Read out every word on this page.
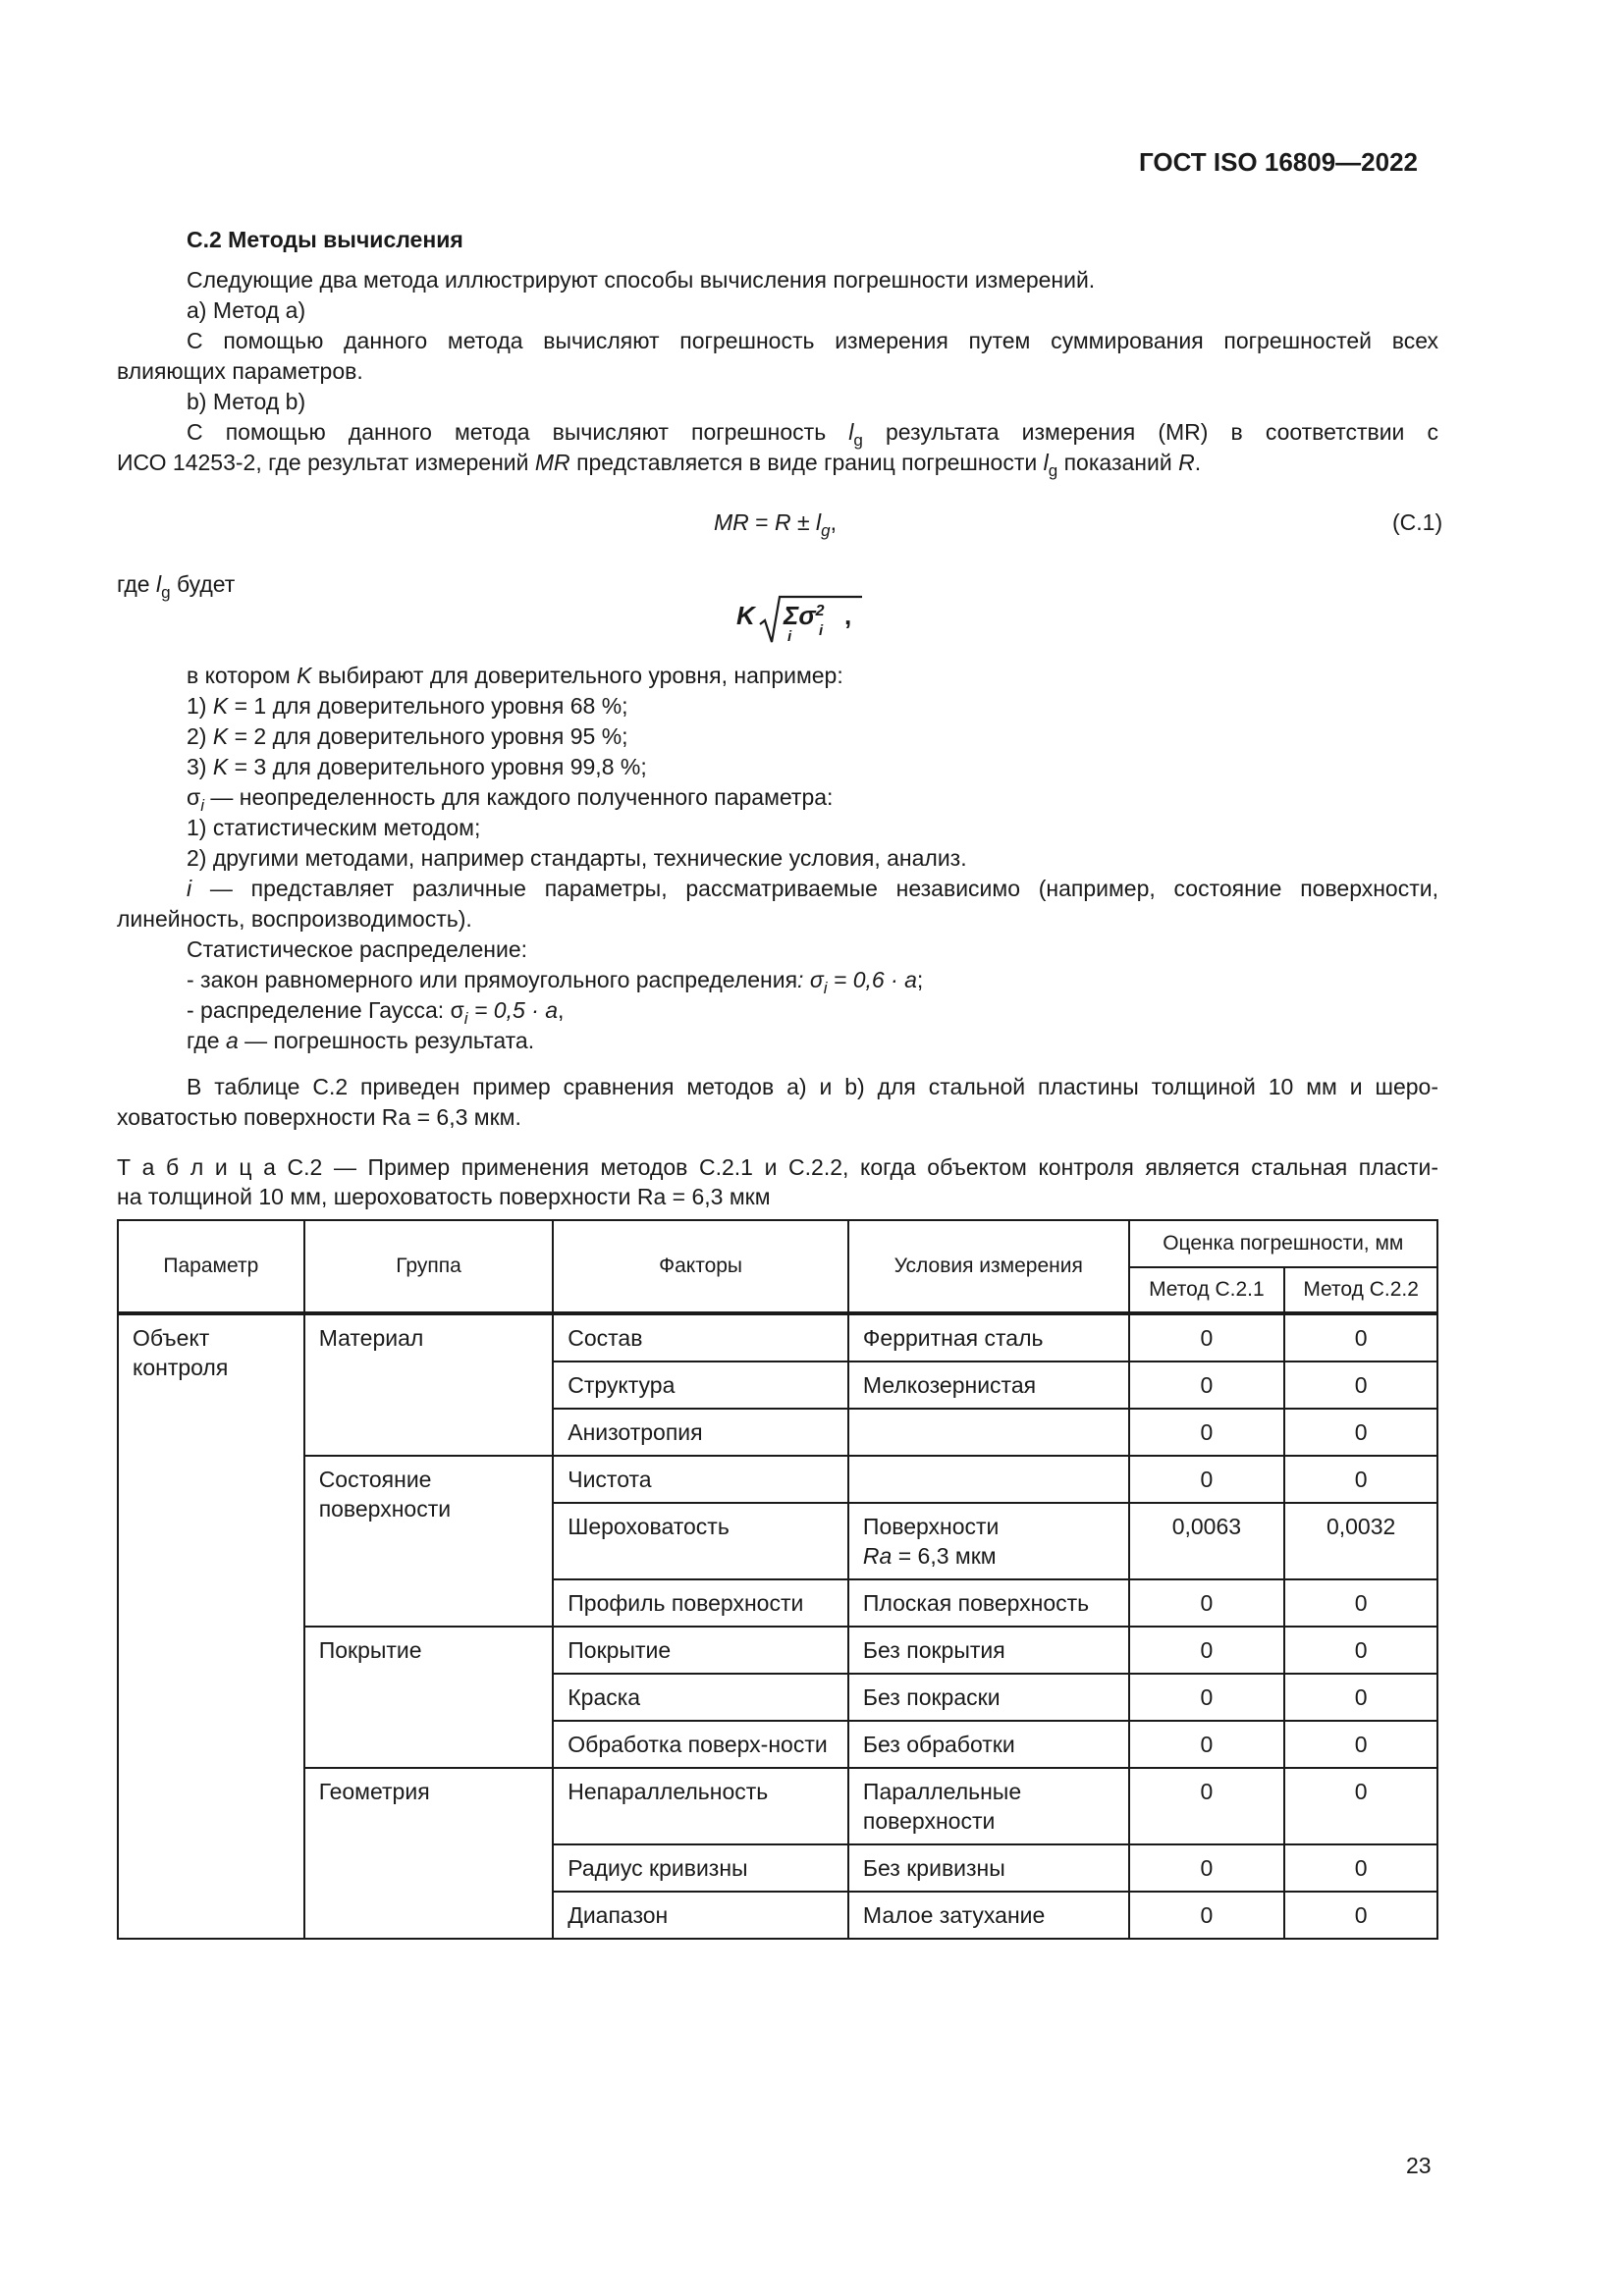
ГОСТ ISO 16809—2022
С.2 Методы вычисления
Следующие два метода иллюстрируют способы вычисления погрешности измерений.
a) Метод a)
С помощью данного метода вычисляют погрешность измерения путем суммирования погрешностей всех
влияющих параметров.
b) Метод b)
С помощью данного метода вычисляют погрешность $l_g$ результата измерения (MR) в соответствии с
ИСО 14253-2, где результат измерений MR представляется в виде границ погрешности $l_g$ показаний R.
MR = $R \pm l_g$,	(C.1)
где $l_g$ будет
K $\Sigma\sigma^2$
i
i
,
в котором K выбирают для доверительного уровня, например:
1) K = 1 для доверительного уровня 68 %;
2) K = 2 для доверительного уровня 95 %;
3) K = 3 для доверительного уровня 99,8 %;
$\sigma_i$ — неопределенность для каждого полученного параметра:
1) статистическим методом;
2) другими методами, например стандарты, технические условия, анализ.
i — представляет различные параметры, рассматриваемые независимо (например, состояние поверхности,
линейность, воспроизводимость).
Статистическое распределение:
- закон равномерного или прямоугольного распределения: $\sigma_i = 0,6 \cdot a$;
- распределение Гаусса: $\sigma_i = 0,5 \cdot a$,
где a — погрешность результата.
В таблице C.2 приведен пример сравнения методов a) и b) для стальной пластины толщиной 10 мм и шеро-
ховатостью поверхности Ra = 6,3 мкм.
Т а б л и ц а C.2 — Пример применения методов С.2.1 и С.2.2, когда объектом контроля является стальная пласти-
на толщиной 10 мм, шероховатость поверхности Ra = 6,3 мкм
Параметр	Группа	Факторы	Условия измерения	Оценка погрешности, мм	
				Метод C.2.1	Метод C.2.2
Объект контроля	Материал	Состав	Ферритная сталь	0	0
		Структура	Мелкозернистая	0	0
		Анизотропия		0	0
	Состояние поверхности	Чистота		0	0
		Шероховатость	Поверхности
Ra = 6,3 мкм	0,0063	0,0032
		Профиль поверхности	Плоская поверхность	0	0
	Покрытие	Покрытие	Без покрытия	0	0
		Краска	Без покраски	0	0
		Обработка поверх-ности	Без обработки	0	0
	Геометрия	Непараллельность	Параллельные поверхности	0	0
		Радиус кривизны	Без кривизны	0	0
		Диапазон	Малое затухание	0	0
23
